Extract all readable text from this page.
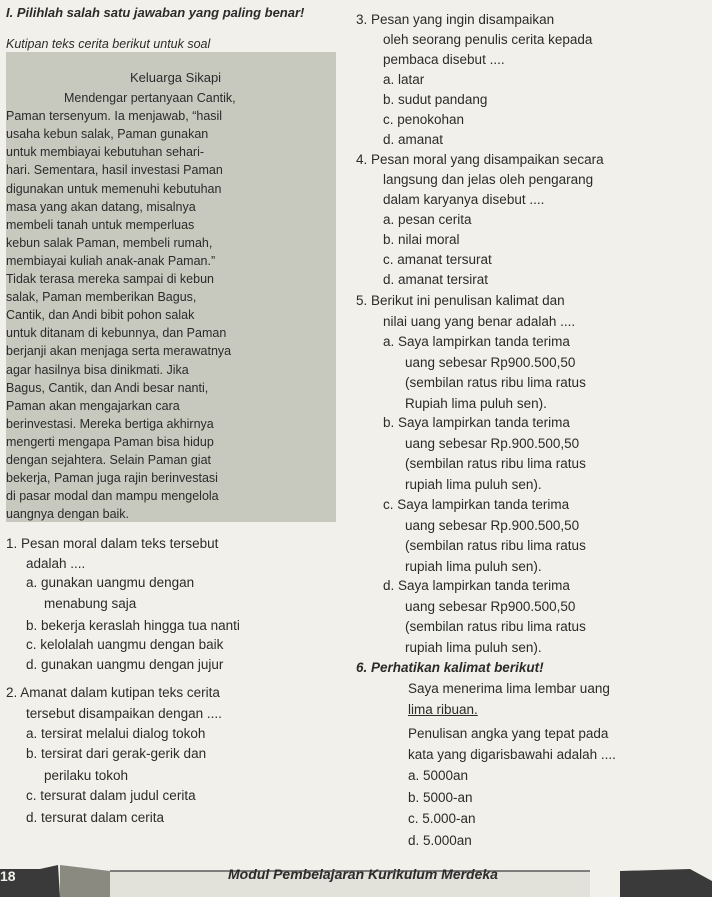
I. Pilihlah salah satu jawaban yang paling benar!
Kutipan teks cerita berikut untuk soal
Keluarga Sikapi
Mendengar pertanyaan Cantik,
Paman tersenyum. Ia menjawab, “hasil
usaha kebun salak, Paman gunakan
untuk membiayai kebutuhan sehari-
hari. Sementara, hasil investasi Paman
digunakan untuk memenuhi kebutuhan
masa yang akan datang, misalnya
membeli tanah untuk memperluas
kebun salak Paman, membeli rumah,
membiayai kuliah anak-anak Paman.”
Tidak terasa mereka sampai di kebun
salak, Paman memberikan Bagus,
Cantik, dan Andi bibit pohon salak
untuk ditanam di kebunnya, dan Paman
berjanji akan menjaga serta merawatnya
agar hasilnya bisa dinikmati. Jika
Bagus, Cantik, dan Andi besar nanti,
Paman akan mengajarkan cara
berinvestasi. Mereka bertiga akhirnya
mengerti mengapa Paman bisa hidup
dengan sejahtera. Selain Paman giat
bekerja, Paman juga rajin berinvestasi
di pasar modal dan mampu mengelola
uangnya dengan baik.
1. Pesan moral dalam teks tersebut
adalah ....
a. gunakan uangmu dengan
menabung saja
b. bekerja keraslah hingga tua nanti
c. kelolalah uangmu dengan baik
d. gunakan uangmu dengan jujur
2. Amanat dalam kutipan teks cerita
tersebut disampaikan dengan ....
a. tersirat melalui dialog tokoh
b. tersirat dari gerak-gerik dan
perilaku tokoh
c. tersurat dalam judul cerita
d. tersurat dalam cerita
3. Pesan yang ingin disampaikan
oleh seorang penulis cerita kepada
pembaca disebut ....
a. latar
b. sudut pandang
c. penokohan
d. amanat
4. Pesan moral yang disampaikan secara
langsung dan jelas oleh pengarang
dalam karyanya disebut ....
a. pesan cerita
b. nilai moral
c. amanat tersurat
d. amanat tersirat
5. Berikut ini penulisan kalimat dan
nilai uang yang benar adalah ....
a. Saya lampirkan tanda terima
uang sebesar Rp900.500,50
(sembilan ratus ribu lima ratus
Rupiah lima puluh sen).
b. Saya lampirkan tanda terima
uang sebesar Rp.900.500,50
(sembilan ratus ribu lima ratus
rupiah lima puluh sen).
c. Saya lampirkan tanda terima
uang sebesar Rp.900.500,50
(sembilan ratus ribu lima ratus
rupiah lima puluh sen).
d. Saya lampirkan tanda terima
uang sebesar Rp900.500,50
(sembilan ratus ribu lima ratus
rupiah lima puluh sen).
6. Perhatikan kalimat berikut!
Saya menerima lima lembar uang
lima ribuan.
Penulisan angka yang tepat pada
kata yang digarisbawahi adalah ....
a. 5000an
b. 5000-an
c. 5.000-an
d. 5.000an
18	Modul Pembelajaran Kurikulum Merdeka
